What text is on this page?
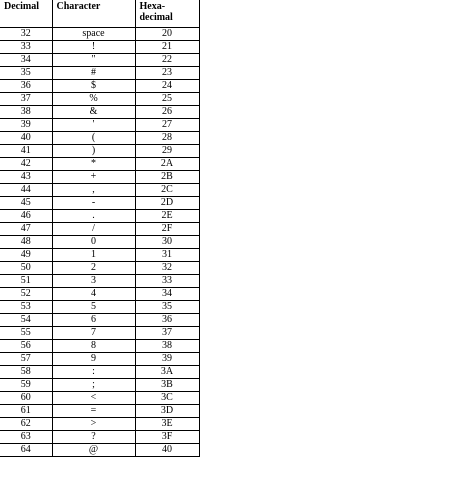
Decimal	Character	Hexa-
decimal
32	space	20
33	!	21
34	"	22
35	#	23
36	$	24
37	%	25
38	&	26
39	'	27
40	(	28
41	)	29
42	*	2A
43	+	2B
44	,	2C
45	-	2D
46	.	2E
47	/	2F
48	0	30
49	1	31
50	2	32
51	3	33
52	4	34
53	5	35
54	6	36
55	7	37
56	8	38
57	9	39
58	:	3A
59	;	3B
60	<	3C
61	=	3D
62	>	3E
63	?	3F
64	@	40
